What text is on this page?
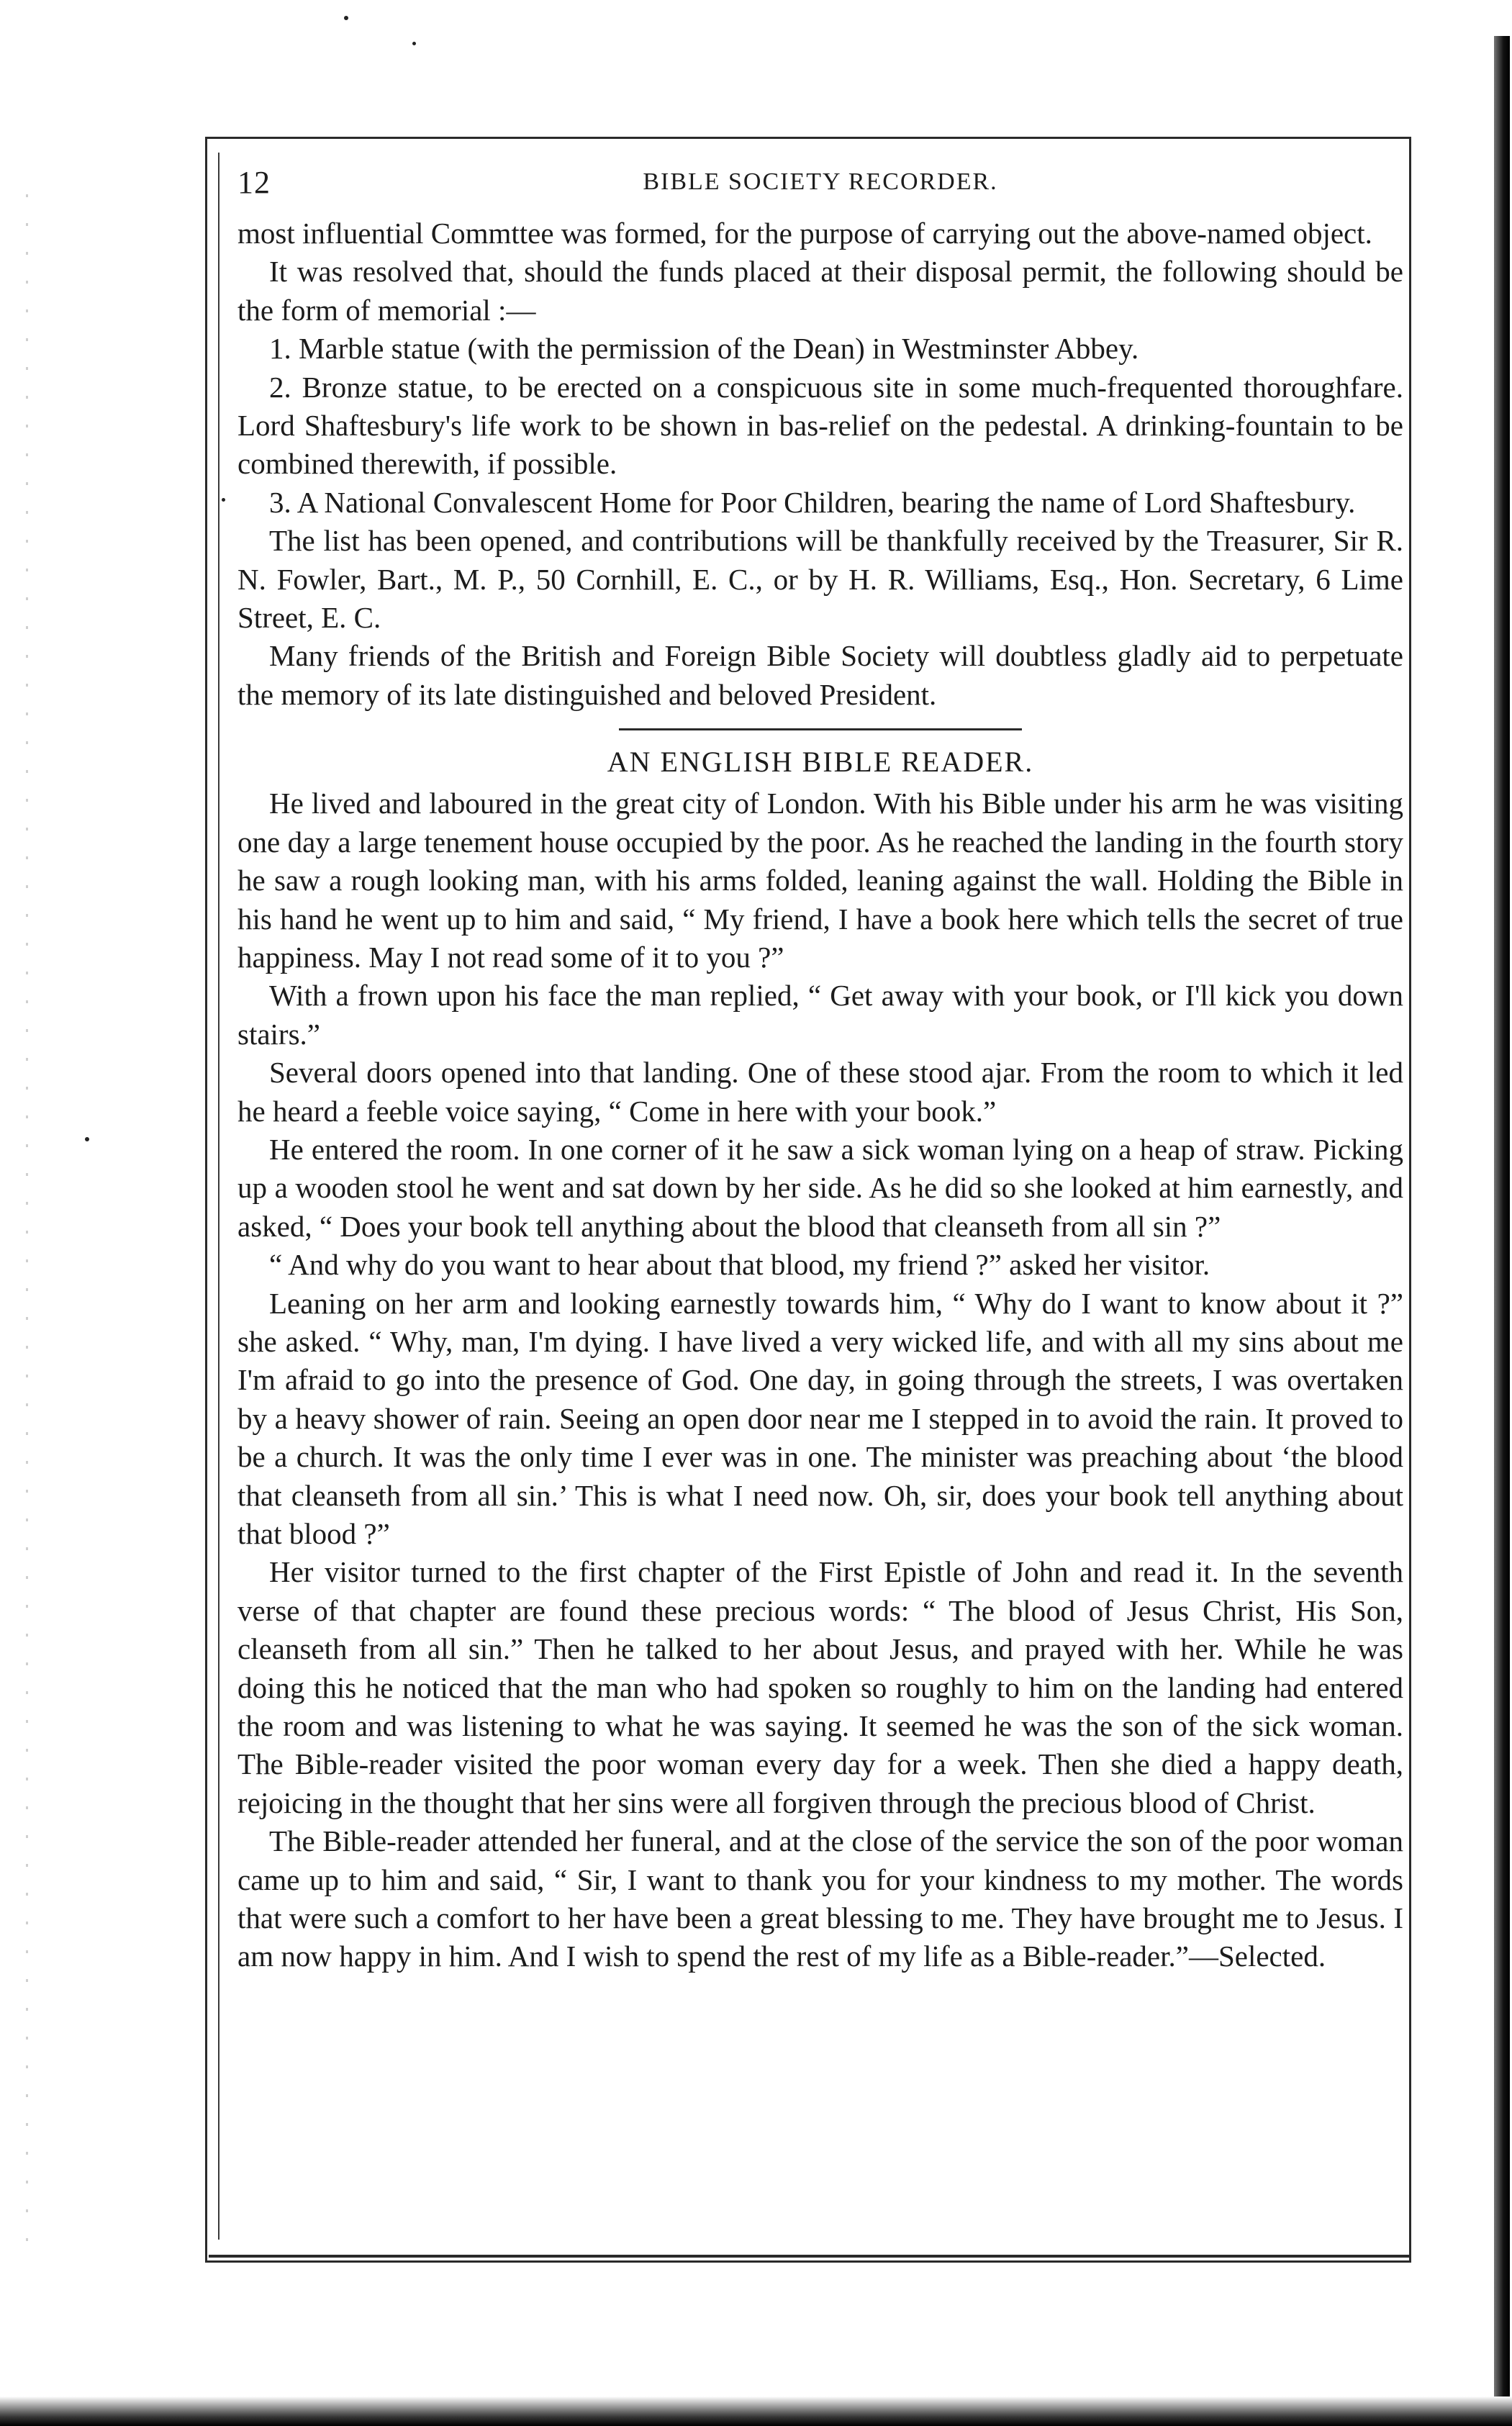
12	BIBLE SOCIETY RECORDER.

most influential Commttee was formed, for the purpose of carrying out the above-named object.

It was resolved that, should the funds placed at their disposal permit, the following should be the form of memorial :—

1. Marble statue (with the permission of the Dean) in Westminster Abbey.

2. Bronze statue, to be erected on a conspicuous site in some much-frequented thoroughfare. Lord Shaftesbury's life work to be shown in bas-relief on the pedestal. A drinking-fountain to be combined therewith, if possible.

3. A National Convalescent Home for Poor Children, bearing the name of Lord Shaftesbury.

The list has been opened, and contributions will be thankfully received by the Treasurer, Sir R. N. Fowler, Bart., M. P., 50 Cornhill, E. C., or by H. R. Williams, Esq., Hon. Secretary, 6 Lime Street, E. C.

Many friends of the British and Foreign Bible Society will doubtless gladly aid to perpetuate the memory of its late distinguished and beloved President.

AN ENGLISH BIBLE READER.

He lived and laboured in the great city of London. With his Bible under his arm he was visiting one day a large tenement house occupied by the poor. As he reached the landing in the fourth story he saw a rough looking man, with his arms folded, leaning against the wall. Holding the Bible in his hand he went up to him and said, “ My friend, I have a book here which tells the secret of true happiness. May I not read some of it to you ?”

With a frown upon his face the man replied, “ Get away with your book, or I'll kick you down stairs.”

Several doors opened into that landing. One of these stood ajar. From the room to which it led he heard a feeble voice saying, “ Come in here with your book.”

He entered the room. In one corner of it he saw a sick woman lying on a heap of straw. Picking up a wooden stool he went and sat down by her side. As he did so she looked at him earnestly, and asked, “ Does your book tell anything about the blood that cleanseth from all sin ?”

“ And why do you want to hear about that blood, my friend ?” asked her visitor.

Leaning on her arm and looking earnestly towards him, “ Why do I want to know about it ?” she asked. “ Why, man, I'm dying. I have lived a very wicked life, and with all my sins about me I'm afraid to go into the presence of God. One day, in going through the streets, I was overtaken by a heavy shower of rain. Seeing an open door near me I stepped in to avoid the rain. It proved to be a church. It was the only time I ever was in one. The minister was preaching about ‘the blood that cleanseth from all sin.’ This is what I need now. Oh, sir, does your book tell anything about that blood ?”

Her visitor turned to the first chapter of the First Epistle of John and read it. In the seventh verse of that chapter are found these precious words: “ The blood of Jesus Christ, His Son, cleanseth from all sin.” Then he talked to her about Jesus, and prayed with her. While he was doing this he noticed that the man who had spoken so roughly to him on the landing had entered the room and was listening to what he was saying. It seemed he was the son of the sick woman. The Bible-reader visited the poor woman every day for a week. Then she died a happy death, rejoicing in the thought that her sins were all forgiven through the precious blood of Christ.

The Bible-reader attended her funeral, and at the close of the service the son of the poor woman came up to him and said, “ Sir, I want to thank you for your kindness to my mother. The words that were such a comfort to her have been a great blessing to me. They have brought me to Jesus. I am now happy in him. And I wish to spend the rest of my life as a Bible-reader.”—Selected.
